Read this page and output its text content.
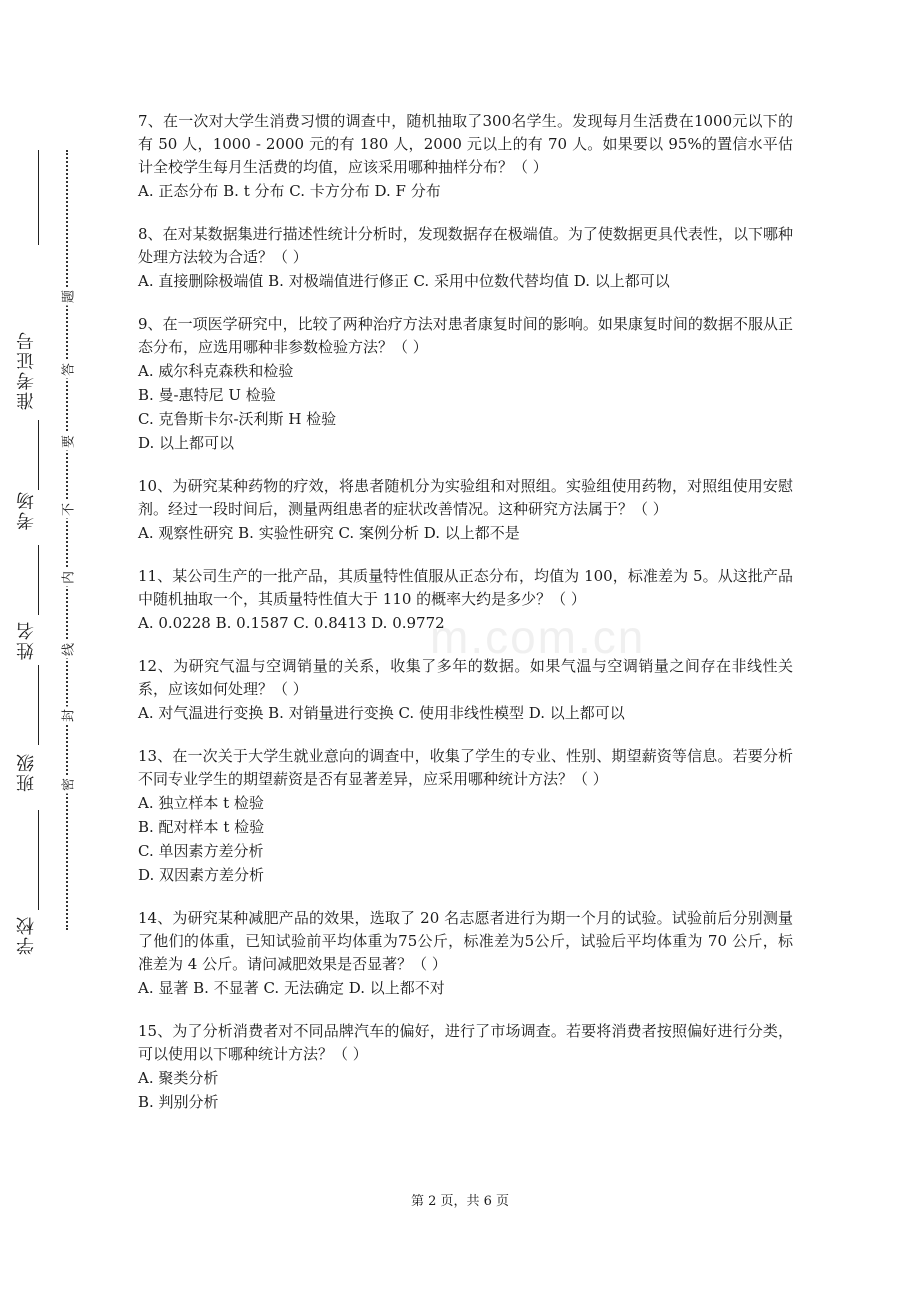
准考证号
考场
姓名
班级
学校
题
答
要
不
内
线
封
密
m.com.cn

7、在一次对大学生消费习惯的调查中，随机抽取了300名学生。发现每月生活费在1000元以下的有 50 人，1000 - 2000 元的有 180 人，2000 元以上的有 70 人。如果要以 95%的置信水平估计全校学生每月生活费的均值，应该采用哪种抽样分布？（ ）

A. 正态分布 B. t 分布 C. 卡方分布 D. F 分布

8、在对某数据集进行描述性统计分析时，发现数据存在极端值。为了使数据更具代表性，以下哪种处理方法较为合适？（ ）

A. 直接删除极端值 B. 对极端值进行修正 C. 采用中位数代替均值 D. 以上都可以

9、在一项医学研究中，比较了两种治疗方法对患者康复时间的影响。如果康复时间的数据不服从正态分布，应选用哪种非参数检验方法？（ ）

A. 威尔科克森秩和检验

B. 曼-惠特尼 U 检验

C. 克鲁斯卡尔-沃利斯 H 检验

D. 以上都可以

10、为研究某种药物的疗效，将患者随机分为实验组和对照组。实验组使用药物，对照组使用安慰剂。经过一段时间后，测量两组患者的症状改善情况。这种研究方法属于？（ ）

A. 观察性研究 B. 实验性研究 C. 案例分析 D. 以上都不是

11、某公司生产的一批产品，其质量特性值服从正态分布，均值为 100，标准差为 5。从这批产品中随机抽取一个，其质量特性值大于 110 的概率大约是多少？（ ）

A. 0.0228 B. 0.1587 C. 0.8413 D. 0.9772

12、为研究气温与空调销量的关系，收集了多年的数据。如果气温与空调销量之间存在非线性关系，应该如何处理？（ ）

A. 对气温进行变换 B. 对销量进行变换 C. 使用非线性模型 D. 以上都可以

13、在一次关于大学生就业意向的调查中，收集了学生的专业、性别、期望薪资等信息。若要分析不同专业学生的期望薪资是否有显著差异，应采用哪种统计方法？（ ）

A. 独立样本 t 检验

B. 配对样本 t 检验

C. 单因素方差分析

D. 双因素方差分析

14、为研究某种减肥产品的效果，选取了 20 名志愿者进行为期一个月的试验。试验前后分别测量了他们的体重，已知试验前平均体重为75公斤，标准差为5公斤，试验后平均体重为 70 公斤，标准差为 4 公斤。请问减肥效果是否显著？（ ）

A. 显著 B. 不显著 C. 无法确定 D. 以上都不对

15、为了分析消费者对不同品牌汽车的偏好，进行了市场调查。若要将消费者按照偏好进行分类，可以使用以下哪种统计方法？（ ）

A. 聚类分析

B. 判别分析

第 2 页，共 6 页
